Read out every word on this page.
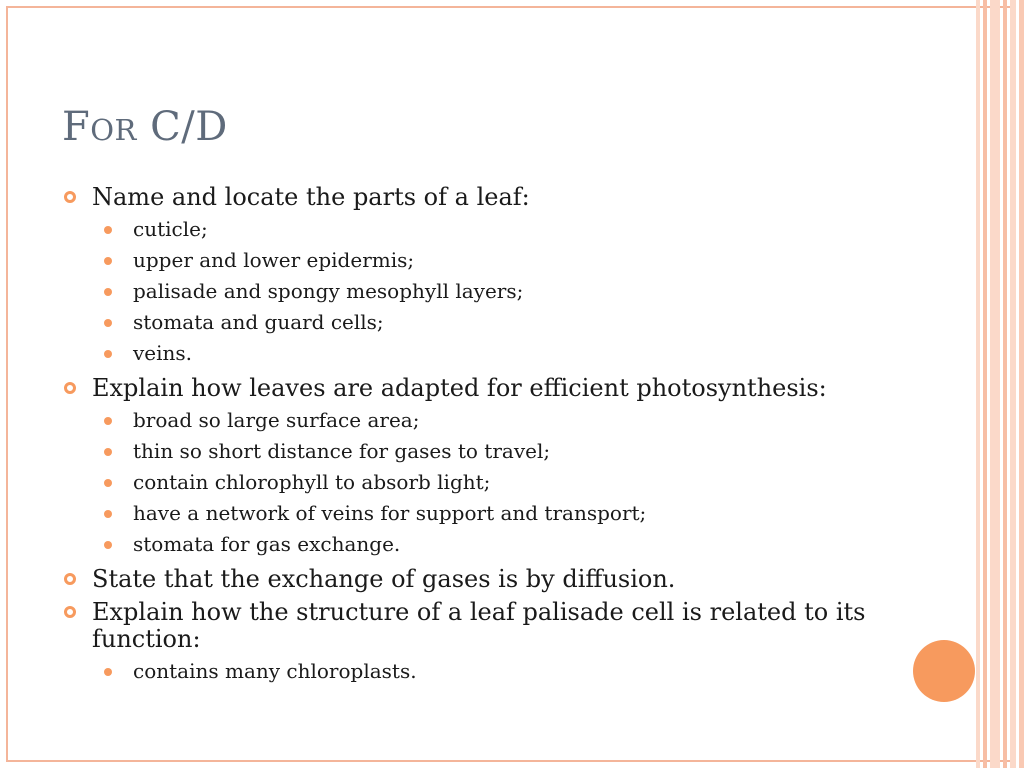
FOR C/D
Name and locate the parts of a leaf:
cuticle;
upper and lower epidermis;
palisade and spongy mesophyll layers;
stomata and guard cells;
veins.
Explain how leaves are adapted for efficient photosynthesis:
broad so large surface area;
thin so short distance for gases to travel;
contain chlorophyll to absorb light;
have a network of veins for support and transport;
stomata for gas exchange.
State that the exchange of gases is by diffusion.
Explain how the structure of a leaf palisade cell is related to its function:
contains many chloroplasts.
